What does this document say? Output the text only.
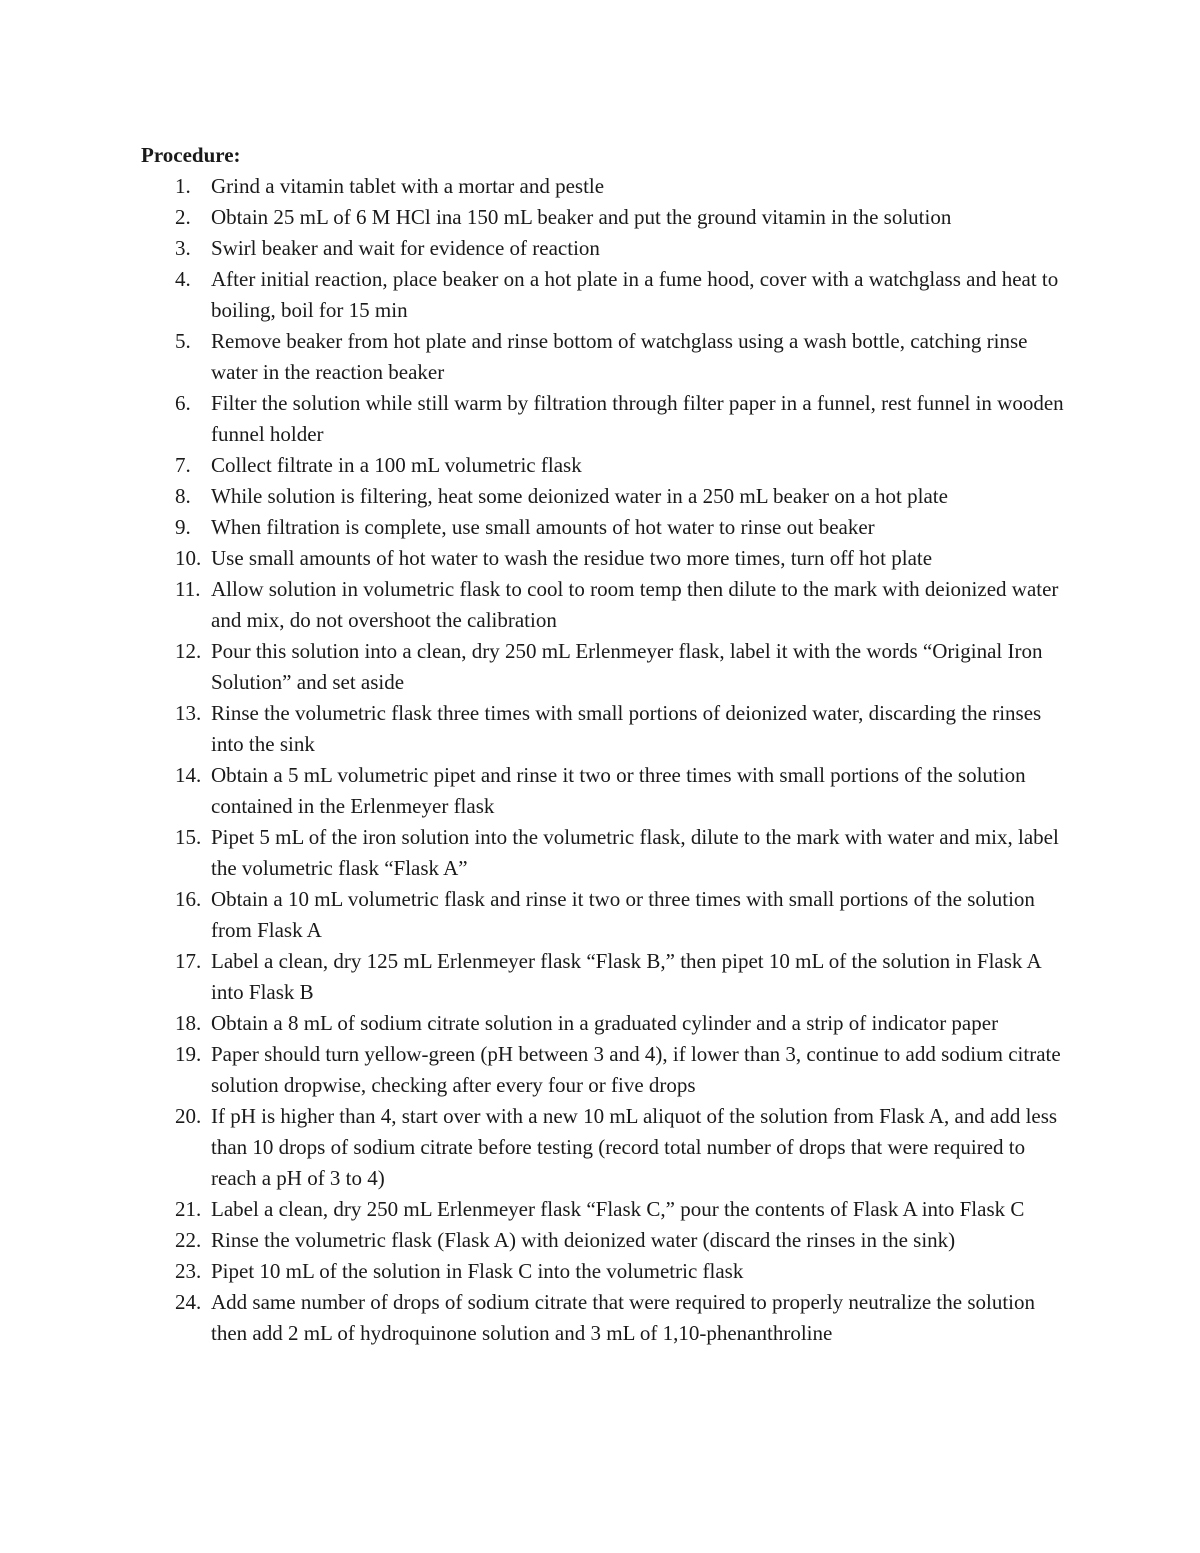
Procedure:
1. Grind a vitamin tablet with a mortar and pestle
2. Obtain 25 mL of 6 M HCl ina 150 mL beaker and put the ground vitamin in the solution
3. Swirl beaker and wait for evidence of reaction
4. After initial reaction, place beaker on a hot plate in a fume hood, cover with a watchglass and heat to boiling, boil for 15 min
5. Remove beaker from hot plate and rinse bottom of watchglass using a wash bottle, catching rinse water in the reaction beaker
6. Filter the solution while still warm by filtration through filter paper in a funnel, rest funnel in wooden funnel holder
7. Collect filtrate in a 100 mL volumetric flask
8. While solution is filtering, heat some deionized water in a 250 mL beaker on a hot plate
9. When filtration is complete, use small amounts of hot water to rinse out beaker
10. Use small amounts of hot water to wash the residue two more times, turn off hot plate
11. Allow solution in volumetric flask to cool to room temp then dilute to the mark with deionized water and mix, do not overshoot the calibration
12. Pour this solution into a clean, dry 250 mL Erlenmeyer flask, label it with the words “Original Iron Solution” and set aside
13. Rinse the volumetric flask three times with small portions of deionized water, discarding the rinses into the sink
14. Obtain a 5 mL volumetric pipet and rinse it two or three times with small portions of the solution contained in the Erlenmeyer flask
15. Pipet 5 mL of the iron solution into the volumetric flask, dilute to the mark with water and mix, label the volumetric flask “Flask A”
16. Obtain a 10 mL volumetric flask and rinse it two or three times with small portions of the solution from Flask A
17. Label a clean, dry 125 mL Erlenmeyer flask “Flask B,” then pipet 10 mL of the solution in Flask A into Flask B
18. Obtain a 8 mL of sodium citrate solution in a graduated cylinder and a strip of indicator paper
19. Paper should turn yellow-green (pH between 3 and 4), if lower than 3, continue to add sodium citrate solution dropwise, checking after every four or five drops
20. If pH is higher than 4, start over with a new 10 mL aliquot of the solution from Flask A, and add less than 10 drops of sodium citrate before testing (record total number of drops that were required to reach a pH of 3 to 4)
21. Label a clean, dry 250 mL Erlenmeyer flask “Flask C,” pour the contents of Flask A into Flask C
22. Rinse the volumetric flask (Flask A) with deionized water (discard the rinses in the sink)
23. Pipet 10 mL of the solution in Flask C into the volumetric flask
24. Add same number of drops of sodium citrate that were required to properly neutralize the solution then add 2 mL of hydroquinone solution and 3 mL of 1,10-phenanthroline
